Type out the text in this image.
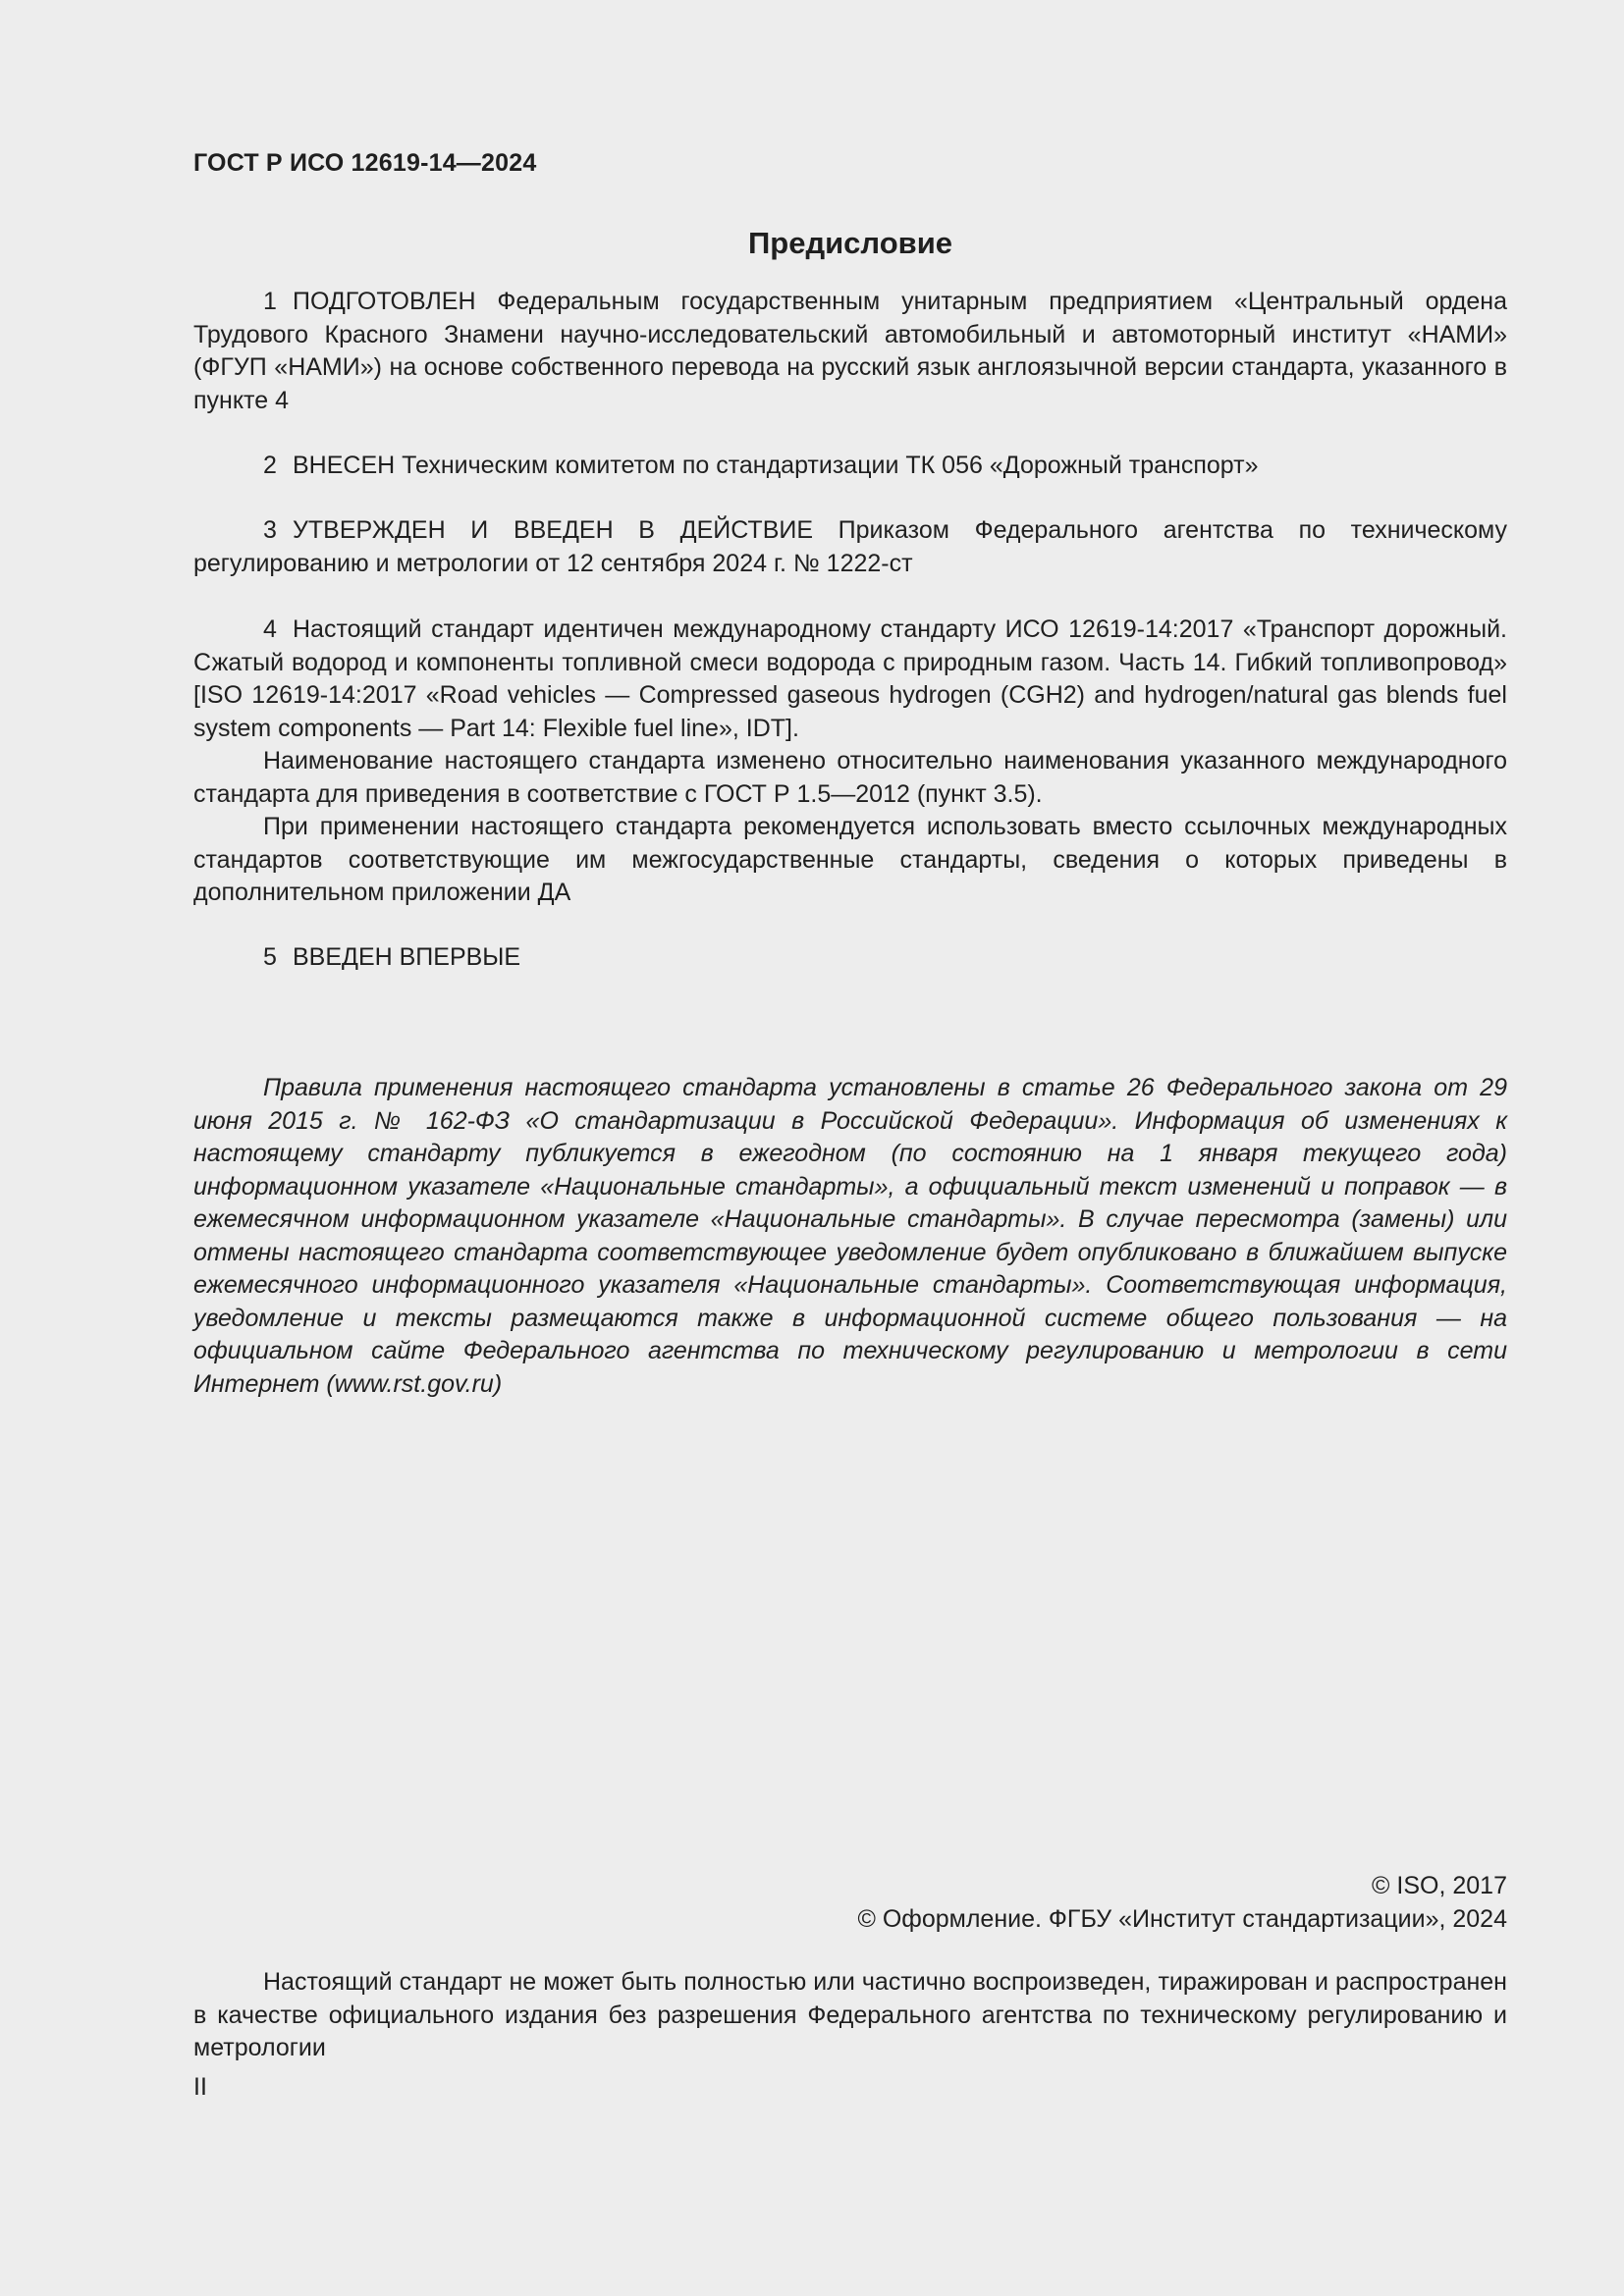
ГОСТ Р ИСО 12619-14—2024
Предисловие

1 ПОДГОТОВЛЕН Федеральным государственным унитарным предприятием «Центральный ордена Трудового Красного Знамени научно-исследовательский автомобильный и автомоторный институт «НАМИ» (ФГУП «НАМИ») на основе собственного перевода на русский язык англоязычной версии стандарта, указанного в пункте 4

2 ВНЕСЕН Техническим комитетом по стандартизации ТК 056 «Дорожный транспорт»

3 УТВЕРЖДЕН И ВВЕДЕН В ДЕЙСТВИЕ Приказом Федерального агентства по техническому регулированию и метрологии от 12 сентября 2024 г. № 1222-ст

4 Настоящий стандарт идентичен международному стандарту ИСО 12619-14:2017 «Транспорт дорожный. Сжатый водород и компоненты топливной смеси водорода с природным газом. Часть 14. Гибкий топливопровод» [ISO 12619-14:2017 «Road vehicles — Compressed gaseous hydrogen (CGH2) and hydrogen/natural gas blends fuel system components — Part 14: Flexible fuel line», IDT].

Наименование настоящего стандарта изменено относительно наименования указанного международного стандарта для приведения в соответствие с ГОСТ Р 1.5—2012 (пункт 3.5).

При применении настоящего стандарта рекомендуется использовать вместо ссылочных международных стандартов соответствующие им межгосударственные стандарты, сведения о которых приведены в дополнительном приложении ДА

5 ВВЕДЕН ВПЕРВЫЕ

Правила применения настоящего стандарта установлены в статье 26 Федерального закона от 29 июня 2015 г. № 162-ФЗ «О стандартизации в Российской Федерации». Информация об изменениях к настоящему стандарту публикуется в ежегодном (по состоянию на 1 января текущего года) информационном указателе «Национальные стандарты», а официальный текст изменений и поправок — в ежемесячном информационном указателе «Национальные стандарты». В случае пересмотра (замены) или отмены настоящего стандарта соответствующее уведомление будет опубликовано в ближайшем выпуске ежемесячного информационного указателя «Национальные стандарты». Соответствующая информация, уведомление и тексты размещаются также в информационной системе общего пользования — на официальном сайте Федерального агентства по техническому регулированию и метрологии в сети Интернет (www.rst.gov.ru)

© ISO, 2017
© Оформление. ФГБУ «Институт стандартизации», 2024

Настоящий стандарт не может быть полностью или частично воспроизведен, тиражирован и распространен в качестве официального издания без разрешения Федерального агентства по техническому регулированию и метрологии

II
